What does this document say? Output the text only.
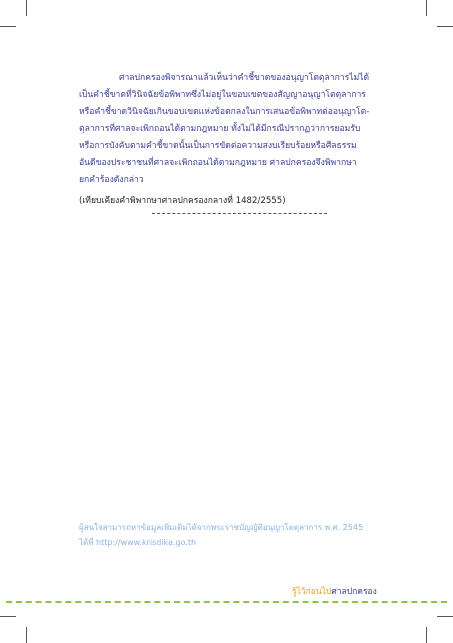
ศาลปกครองพิจารณาแล้วเห็นว่าคำชี้ขาดของอนุญาโตตุลาการไม่ได้
เป็นคำชี้ขาดที่วินิจฉัยข้อพิพาทซึ่งไม่อยู่ในขอบเขตของสัญญาอนุญาโตตุลาการ
หรือคำชี้ขาดวินิจฉัยเกินขอบเขตแห่งข้อตกลงในการเสนอข้อพิพาทต่ออนุญาโต-
ตุลาการที่ศาลจะเพิกถอนได้ตามกฎหมาย ทั้งไม่ได้มีกรณีปรากฏว่าการยอมรับ
หรือการบังคับตามคำชี้ขาดนั้นเป็นการขัดต่อความสงบเรียบร้อยหรือศีลธรรม
อันดีของประชาชนที่ศาลจะเพิกถอนได้ตามกฎหมาย ศาลปกครองจึงพิพากษา
ยกคำร้องดังกล่าว
(เทียบเคียงคำพิพากษาศาลปกครองกลางที่ 1482/2555)
ผู้สนใจสามารถหาข้อมูลเพิ่มเติมได้จากพระราชบัญญัติอนุญาโตตุลาการ พ.ศ. 2545
ได้ที่ http://www.krisdika.go.th
รู้ไว้ก่อนไปศาลปกครอง
